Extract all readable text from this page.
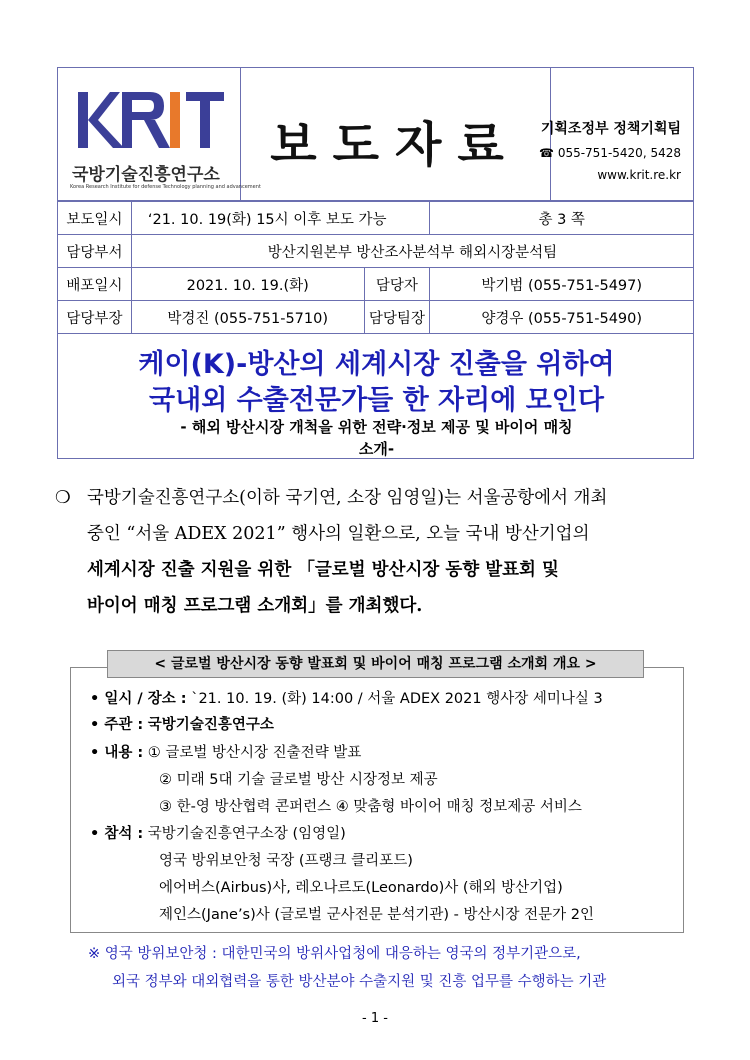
국방기술진흥연구소
Korea Research Institute for defense Technology planning and advancement
보도자료	기획조정부 정책기획팀
☎ 055-751-5420, 5428
www.krit.re.kr
보도일시	‘21. 10. 19(화) 15시 이후 보도 가능		총 3 쪽
담당부서	방산지원본부 방산조사분석부 해외시장분석팀		
배포일시	2021. 10. 19.(화)	담당자	박기범 (055-751-5497)
담당부장	박경진 (055-751-5710)	담당팀장	양경우 (055-751-5490)
케이(K)-방산의 세계시장 진출을 위하여
국내외 수출전문가들 한 자리에 모인다
- 해외 방산시장 개척을 위한 전략·정보 제공 및 바이어 매칭
소개-
❍ 국방기술진흥연구소(이하 국기연, 소장 임영일)는 서울공항에서 개최
중인 “서울 ADEX 2021” 행사의 일환으로, 오늘 국내 방산기업의
세계시장 진출 지원을 위한 「글로벌 방산시장 동향 발표회 및
바이어 매칭 프로그램 소개회」를 개최했다.
< 글로벌 방산시장 동향 발표회 및 바이어 매칭 프로그램 소개회 개요 >
• 일시 / 장소 : `21. 10. 19. (화) 14:00 / 서울 ADEX 2021 행사장 세미나실 3
• 주관 : 국방기술진흥연구소
• 내용 : ① 글로벌 방산시장 진출전략 발표
② 미래 5대 기술 글로벌 방산 시장정보 제공
③ 한-영 방산협력 콘퍼런스 ④ 맞춤형 바이어 매칭 정보제공 서비스
• 참석 : 국방기술진흥연구소장 (임영일)
영국 방위보안청 국장 (프랭크 클리포드)
에어버스(Airbus)사, 레오나르도(Leonardo)사 (해외 방산기업)
제인스(Jane’s)사 (글로벌 군사전문 분석기관) - 방산시장 전문가 2인
※ 영국 방위보안청 : 대한민국의 방위사업청에 대응하는 영국의 정부기관으로,
외국 정부와 대외협력을 통한 방산분야 수출지원 및 진흥 업무를 수행하는 기관
- 1 -
